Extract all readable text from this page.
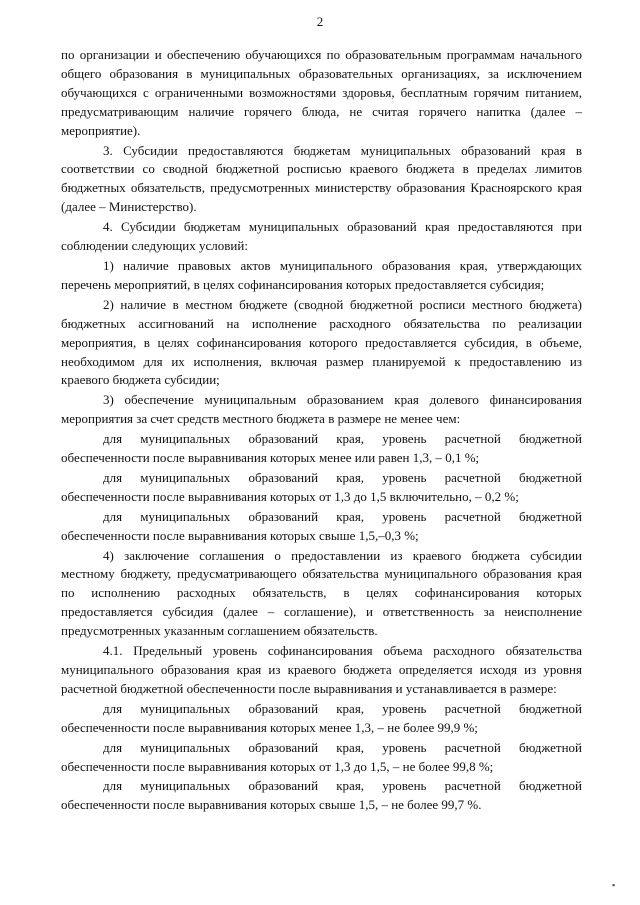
2

по организации и обеспечению обучающихся по образовательным программам начального общего образования в муниципальных образовательных организациях, за исключением обучающихся с ограниченными возможностями здоровья, бесплатным горячим питанием, предусматривающим наличие горячего блюда, не считая горячего напитка (далее – мероприятие).

3. Субсидии предоставляются бюджетам муниципальных образований края в соответствии со сводной бюджетной росписью краевого бюджета в пределах лимитов бюджетных обязательств, предусмотренных министерству образования Красноярского края (далее – Министерство).

4. Субсидии бюджетам муниципальных образований края предоставляются при соблюдении следующих условий:

1) наличие правовых актов муниципального образования края, утверждающих перечень мероприятий, в целях софинансирования которых предоставляется субсидия;

2) наличие в местном бюджете (сводной бюджетной росписи местного бюджета) бюджетных ассигнований на исполнение расходного обязательства по реализации мероприятия, в целях софинансирования которого предоставляется субсидия, в объеме, необходимом для их исполнения, включая размер планируемой к предоставлению из краевого бюджета субсидии;

3) обеспечение муниципальным образованием края долевого финансирования мероприятия за счет средств местного бюджета в размере не менее чем:

для муниципальных образований края, уровень расчетной бюджетной обеспеченности после выравнивания которых менее или равен 1,3, – 0,1 %;

для муниципальных образований края, уровень расчетной бюджетной обеспеченности после выравнивания которых от 1,3 до 1,5 включительно, – 0,2 %;

для муниципальных образований края, уровень расчетной бюджетной обеспеченности после выравнивания которых свыше 1,5,–0,3 %;

4) заключение соглашения о предоставлении из краевого бюджета субсидии местному бюджету, предусматривающего обязательства муниципального образования края по исполнению расходных обязательств, в целях софинансирования которых предоставляется субсидия (далее – соглашение), и ответственность за неисполнение предусмотренных указанным соглашением обязательств.

4.1. Предельный уровень софинансирования объема расходного обязательства муниципального образования края из краевого бюджета определяется исходя из уровня расчетной бюджетной обеспеченности после выравнивания и устанавливается в размере:

для муниципальных образований края, уровень расчетной бюджетной обеспеченности после выравнивания которых менее 1,3, – не более 99,9 %;

для муниципальных образований края, уровень расчетной бюджетной обеспеченности после выравнивания которых от 1,3 до 1,5, – не более 99,8 %;

для муниципальных образований края, уровень расчетной бюджетной обеспеченности после выравнивания которых свыше 1,5, – не более 99,7 %.

▪
